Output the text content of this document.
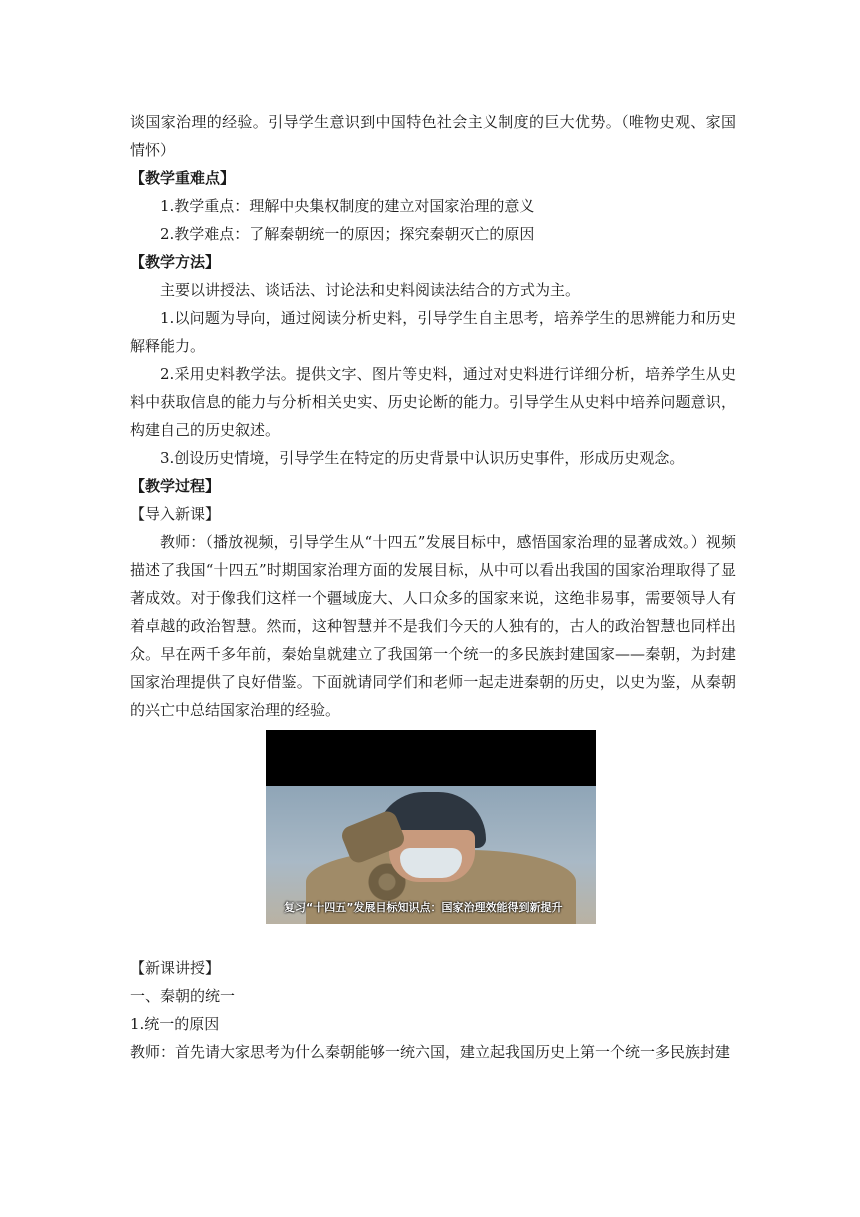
谈国家治理的经验。引导学生意识到中国特色社会主义制度的巨大优势。（唯物史观、家国情怀）

【教学重难点】

1.教学重点：理解中央集权制度的建立对国家治理的意义

2.教学难点：了解秦朝统一的原因；探究秦朝灭亡的原因

【教学方法】

主要以讲授法、谈话法、讨论法和史料阅读法结合的方式为主。

1.以问题为导向，通过阅读分析史料，引导学生自主思考，培养学生的思辨能力和历史解释能力。

2.采用史料教学法。提供文字、图片等史料，通过对史料进行详细分析，培养学生从史料中获取信息的能力与分析相关史实、历史论断的能力。引导学生从史料中培养问题意识，构建自己的历史叙述。

3.创设历史情境，引导学生在特定的历史背景中认识历史事件，形成历史观念。

【教学过程】

【导入新课】

教师：（播放视频，引导学生从“十四五”发展目标中，感悟国家治理的显著成效。）视频描述了我国“十四五”时期国家治理方面的发展目标，从中可以看出我国的国家治理取得了显著成效。对于像我们这样一个疆域庞大、人口众多的国家来说，这绝非易事，需要领导人有着卓越的政治智慧。然而，这种智慧并不是我们今天的人独有的，古人的政治智慧也同样出众。早在两千多年前，秦始皇就建立了我国第一个统一的多民族封建国家——秦朝，为封建国家治理提供了良好借鉴。下面就请同学们和老师一起走进秦朝的历史，以史为鉴，从秦朝的兴亡中总结国家治理的经验。

复习“十四五”发展目标知识点：国家治理效能得到新提升

【新课讲授】

一、秦朝的统一

1.统一的原因

教师：首先请大家思考为什么秦朝能够一统六国，建立起我国历史上第一个统一多民族封建
